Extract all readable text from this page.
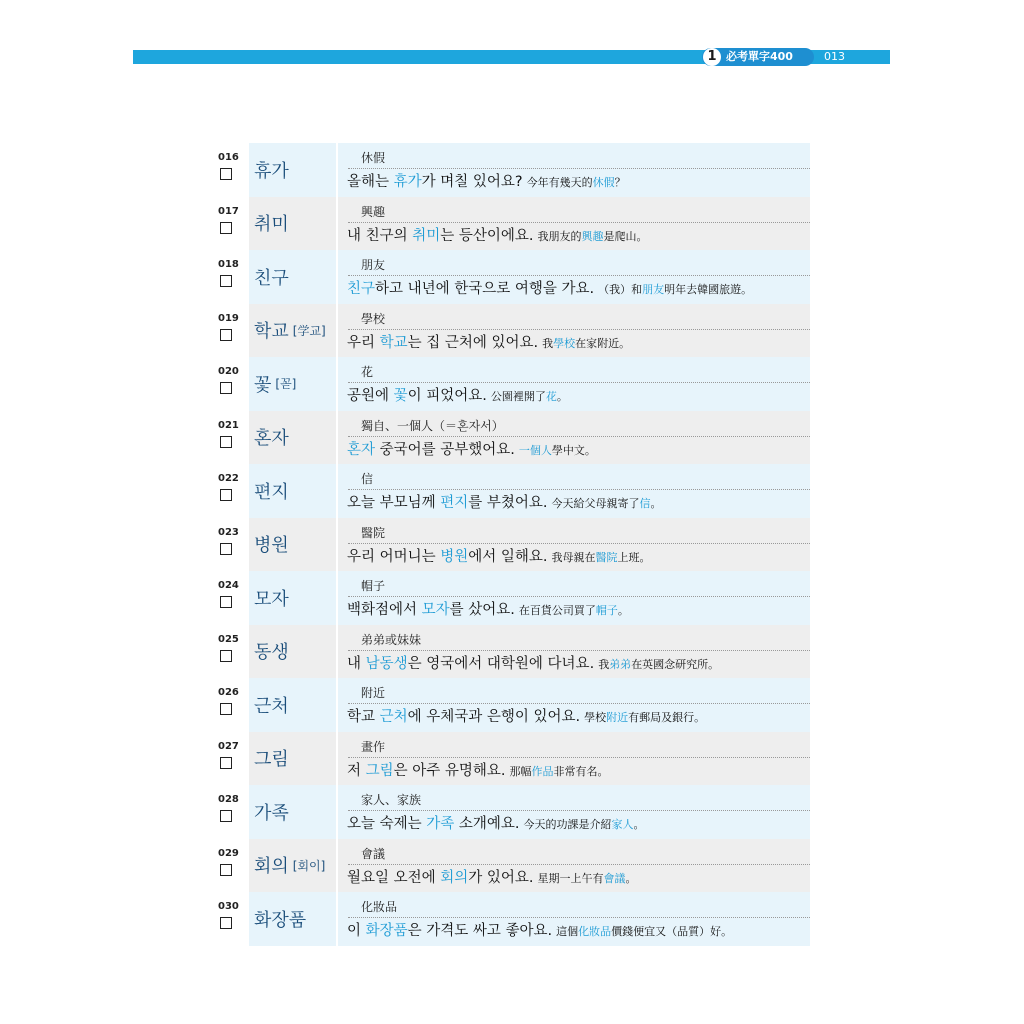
1 必考單字400	013
016
휴가
休假
올해는 휴가가 며칠 있어요? 今年有幾天的休假？
017
취미
興趣
내 친구의 취미는 등산이에요. 我朋友的興趣是爬山。
018
친구
朋友
친구하고 내년에 한국으로 여행을 가요. （我）和朋友明年去韓國旅遊。
019
학교 [学교]
學校
우리 학교는 집 근처에 있어요. 我學校在家附近。
020
꽃 [꼳]
花
공원에 꽃이 피었어요. 公園裡開了花。
021
혼자
獨自、一個人（＝혼자서）
혼자 중국어를 공부했어요. 一個人學中文。
022
편지
信
오늘 부모님께 편지를 부쳤어요. 今天給父母親寄了信。
023
병원
醫院
우리 어머니는 병원에서 일해요. 我母親在醫院上班。
024
모자
帽子
백화점에서 모자를 샀어요. 在百貨公司買了帽子。
025
동생
弟弟或妹妹
내 남동생은 영국에서 대학원에 다녀요. 我弟弟在英國念研究所。
026
근처
附近
학교 근처에 우체국과 은행이 있어요. 學校附近有郵局及銀行。
027
그림
畫作
저 그림은 아주 유명해요. 那幅作品非常有名。
028
가족
家人、家族
오늘 숙제는 가족 소개예요. 今天的功課是介紹家人。
029
회의 [회이]
會議
월요일 오전에 회의가 있어요. 星期一上午有會議。
030
화장품
化妝品
이 화장품은 가격도 싸고 좋아요. 這個化妝品價錢便宜又（品質）好。
